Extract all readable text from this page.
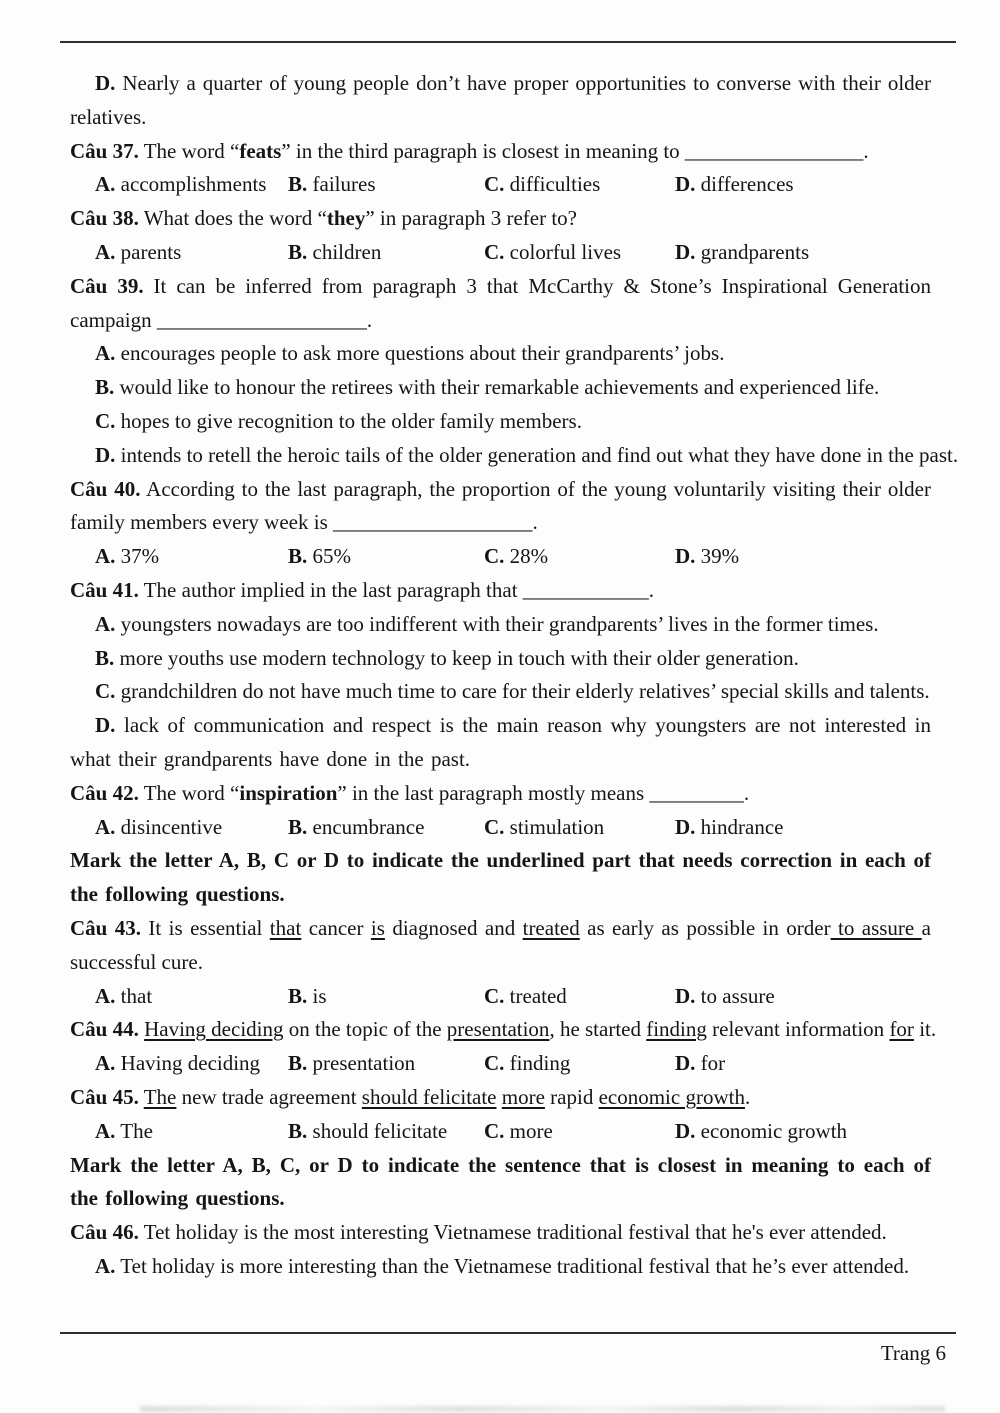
D. Nearly a quarter of young people don’t have proper opportunities to converse with their older relatives.

Câu 37. The word “feats” in the third paragraph is closest in meaning to _________________.

A. accomplishments	B. failures	C. difficulties	D. differences

Câu 38. What does the word “they” in paragraph 3 refer to?

A. parents	B. children	C. colorful lives	D. grandparents

Câu 39. It can be inferred from paragraph 3 that McCarthy & Stone’s Inspirational Generation campaign ____________________.

A. encourages people to ask more questions about their grandparents’ jobs.

B. would like to honour the retirees with their remarkable achievements and experienced life.

C. hopes to give recognition to the older family members.

D. intends to retell the heroic tails of the older generation and find out what they have done in the past.

Câu 40. According to the last paragraph, the proportion of the young voluntarily visiting their older family members every week is ___________________.

A. 37%	B. 65%	C. 28%	D. 39%

Câu 41. The author implied in the last paragraph that ____________.

A. youngsters nowadays are too indifferent with their grandparents’ lives in the former times.

B. more youths use modern technology to keep in touch with their older generation.

C. grandchildren do not have much time to care for their elderly relatives’ special skills and talents.

D. lack of communication and respect is the main reason why youngsters are not interested in what their grandparents have done in the past.

Câu 42. The word “inspiration” in the last paragraph mostly means _________.

A. disincentive	B. encumbrance	C. stimulation	D. hindrance

Mark the letter A, B, C or D to indicate the underlined part that needs correction in each of the following questions.

Câu 43. It is essential that cancer is diagnosed and treated as early as possible in order to assure a successful cure.

A. that	B. is	C. treated	D. to assure

Câu 44. Having deciding on the topic of the presentation, he started finding relevant information for it.

A. Having deciding	B. presentation	C. finding	D. for

Câu 45. The new trade agreement should felicitate more rapid economic growth.

A. The	B. should felicitate	C. more	D. economic growth

Mark the letter A, B, C, or D to indicate the sentence that is closest in meaning to each of the following questions.

Câu 46. Tet holiday is the most interesting Vietnamese traditional festival that he's ever attended.

A. Tet holiday is more interesting than the Vietnamese traditional festival that he’s ever attended.

Trang 6
